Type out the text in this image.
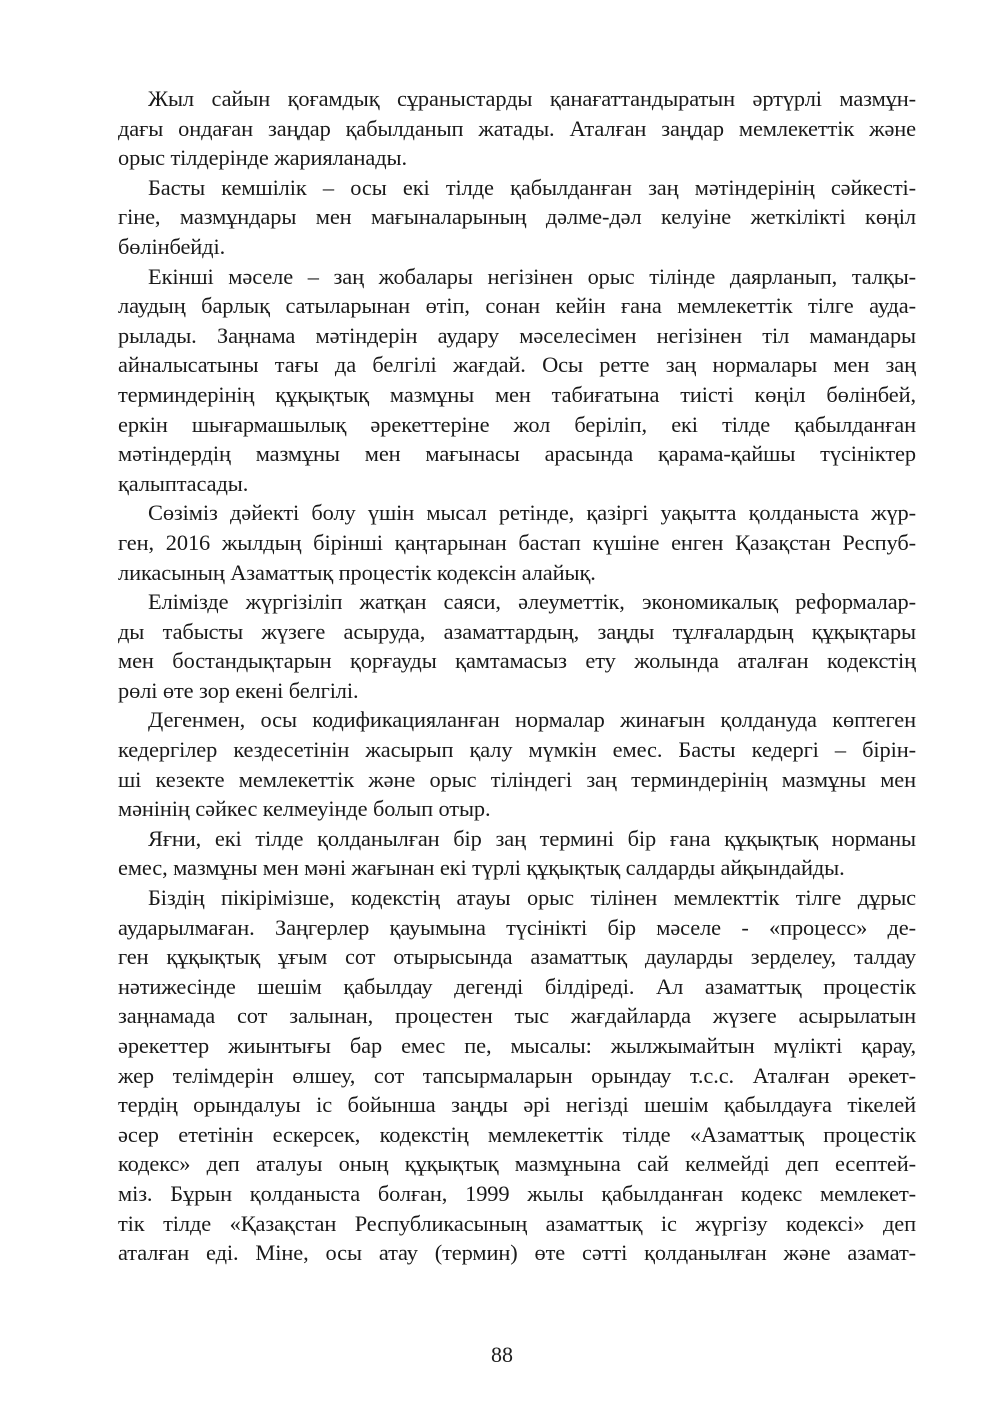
Жыл сайын қоғамдық сұраныстарды қанағаттандыратын әртүрлі мазмұн-
дағы ондаған заңдар қабылданып жатады. Аталған заңдар мемлекеттік және
орыс тілдерінде жарияланады.
Басты кемшілік – осы екі тілде қабылданған заң мәтіндерінің сәйкесті-
гіне, мазмұндары мен мағыналарының дәлме-дәл келуіне жеткілікті көңіл
бөлінбейді.
Екінші мәселе – заң жобалары негізінен орыс тілінде даярланып, талқы-
лаудың барлық сатыларынан өтіп, сонан кейін ғана мемлекеттік тілге ауда-
рылады. Заңнама мәтіндерін аудару мәселесімен негізінен тіл мамандары
айналысатыны тағы да белгілі жағдай. Осы ретте заң нормалары мен заң
терминдерінің құқықтық мазмұны мен табиғатына тиісті көңіл бөлінбей,
еркін шығармашылық әрекеттеріне жол беріліп, екі тілде қабылданған
мәтіндердің мазмұны мен мағынасы арасында қарама-қайшы түсініктер
қалыптасады.
Сөзіміз дәйекті болу үшін мысал ретінде, қазіргі уақытта қолданыста жүр-
ген, 2016 жылдың бірінші қаңтарынан бастап күшіне енген Қазақстан Респуб-
ликасының Азаматтық процестік кодексін алайық.
Елімізде жүргізіліп жатқан саяси, әлеуметтік, экономикалық реформалар-
ды табысты жүзеге асыруда, азаматтардың, заңды тұлғалардың құқықтары
мен бостандықтарын қорғауды қамтамасыз ету жолында аталған кодекстің
рөлі өте зор екені белгілі.
Дегенмен, осы кодификацияланған нормалар жинағын қолдануда көптеген
кедергілер кездесетінін жасырып қалу мүмкін емес. Басты кедергі – бірін-
ші кезекте мемлекеттік және орыс тіліндегі заң терминдерінің мазмұны мен
мәнінің сәйкес келмеуінде болып отыр.
Яғни, екі тілде қолданылған бір заң термині бір ғана құқықтық норманы
емес, мазмұны мен мәні жағынан екі түрлі құқықтық салдарды айқындайды.
Біздің пікірімізше, кодекстің атауы орыс тілінен мемлекттік тілге дұрыс
аударылмаған. Заңгерлер қауымына түсінікті бір мәселе - «процесс» де-
ген құқықтық ұғым сот отырысында азаматтық дауларды зерделеу, талдау
нәтижесінде шешім қабылдау дегенді білдіреді. Ал азаматтық процестік
заңнамада сот залынан, процестен тыс жағдайларда жүзеге асырылатын
әрекеттер жиынтығы бар емес пе, мысалы: жылжымайтын мүлікті қарау,
жер телімдерін өлшеу, сот тапсырмаларын орындау т.с.с. Аталған әрекет-
тердің орындалуы іс бойынша заңды әрі негізді шешім қабылдауға тікелей
әсер ететінін ескерсек, кодекстің мемлекеттік тілде «Азаматтық процестік
кодекс» деп аталуы оның құқықтық мазмұнына сай келмейді деп есептей-
міз. Бұрын қолданыста болған, 1999 жылы қабылданған кодекс мемлекет-
тік тілде «Қазақстан Республикасының азаматтық іс жүргізу кодексі» деп
аталған еді. Міне, осы атау (термин) өте сәтті қолданылған және азамат-
88
